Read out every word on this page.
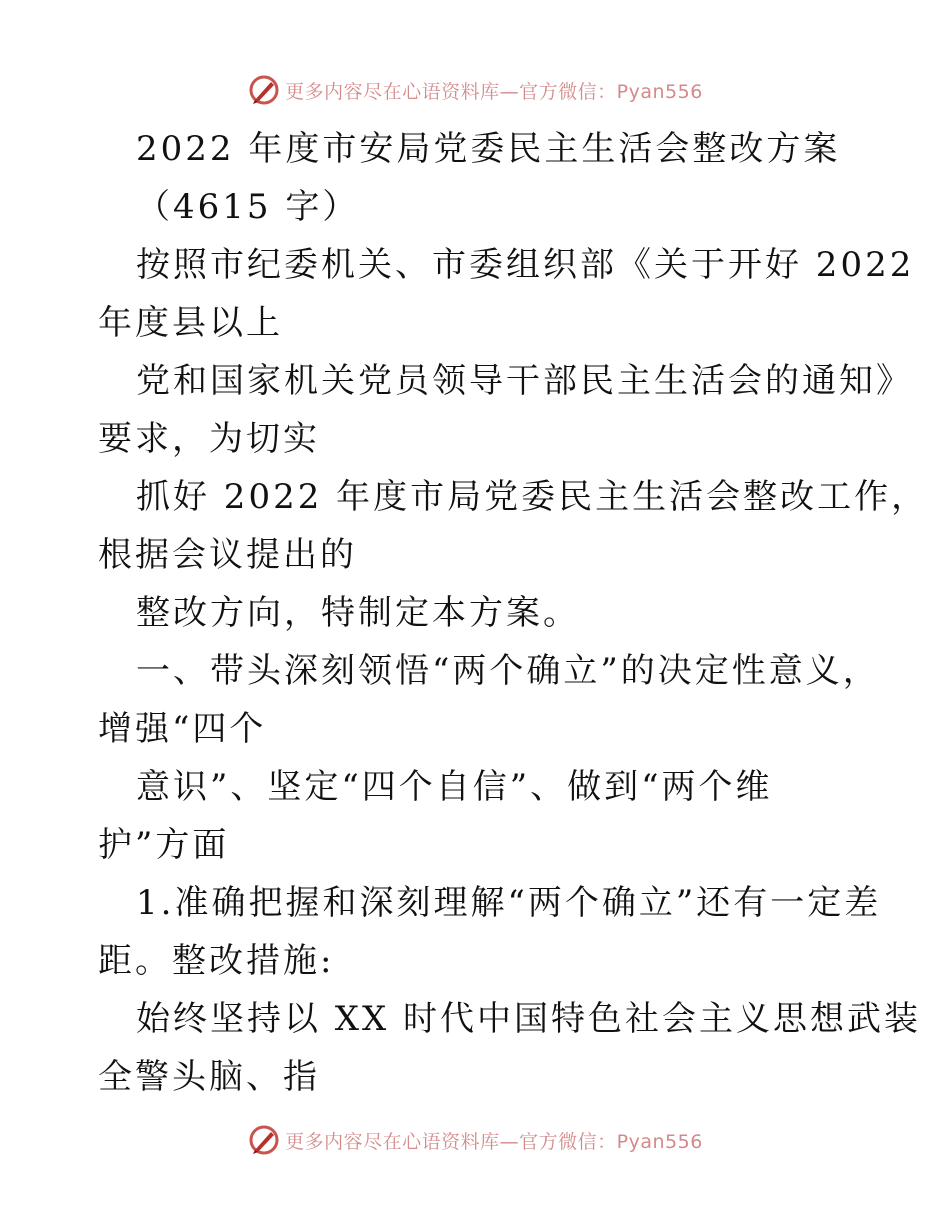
更多内容尽在心语资料库—官方微信：Pyan556
2022 年度市安局党委民主生活会整改方案
（4615 字）
按照市纪委机关、市委组织部《关于开好 2022
年度县以上
党和国家机关党员领导干部民主生活会的通知》
要求，为切实
抓好 2022 年度市局党委民主生活会整改工作，
根据会议提出的
整改方向，特制定本方案。
一、带头深刻领悟“两个确立”的决定性意义，
增强“四个
意识”、坚定“四个自信”、做到“两个维
护”方面
1.准确把握和深刻理解“两个确立”还有一定差
距。整改措施:
始终坚持以 XX 时代中国特色社会主义思想武装
全警头脑、指
更多内容尽在心语资料库—官方微信：Pyan556
